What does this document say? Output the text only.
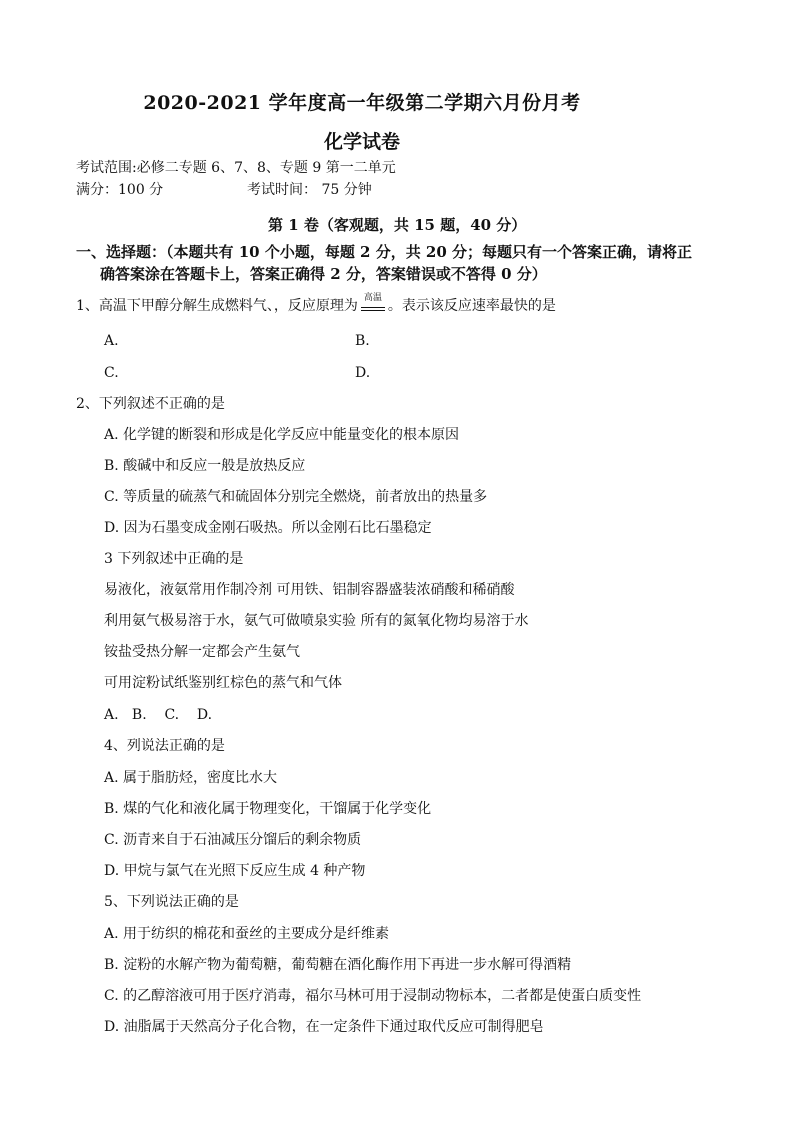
2020-2021 学年度高一年级第二学期六月份月考
化学试卷
考试范围:必修二专题 6、7、8、专题 9 第一二单元
满分：100 分	考试时间： 75 分钟
第 1 卷（客观题，共 15 题，40 分）
一、选择题：（本题共有 10 个小题，每题 2 分，共 20 分；每题只有一个答案正确，请将正
确答案涂在答题卡上，答案正确得 2 分，答案错误或不答得 0 分）
1、高温下甲醇分解生成燃料气、，反应原理为 高温 。表示该反应速率最快的是
A.	B.
C.	D.
2、下列叙述不正确的是
A. 化学键的断裂和形成是化学反应中能量变化的根本原因
B. 酸碱中和反应一般是放热反应
C. 等质量的硫蒸气和硫固体分别完全燃烧，前者放出的热量多
D. 因为石墨变成金刚石吸热。所以金刚石比石墨稳定
3 下列叙述中正确的是
易液化，液氨常用作制冷剂 可用铁、铝制容器盛装浓硝酸和稀硝酸
利用氨气极易溶于水，氨气可做喷泉实验 所有的氮氧化物均易溶于水
铵盐受热分解一定都会产生氨气
可用淀粉试纸鉴别红棕色的蒸气和气体
A.   B.    C.    D.
4、列说法正确的是
A. 属于脂肪烃，密度比水大
B. 煤的气化和液化属于物理变化，干馏属于化学变化
C. 沥青来自于石油减压分馏后的剩余物质
D. 甲烷与氯气在光照下反应生成 4 种产物
5、下列说法正确的是
A. 用于纺织的棉花和蚕丝的主要成分是纤维素
B. 淀粉的水解产物为葡萄糖，葡萄糖在酒化酶作用下再进一步水解可得酒精
C. 的乙醇溶液可用于医疗消毒，福尔马林可用于浸制动物标本，二者都是使蛋白质变性
D. 油脂属于天然高分子化合物，在一定条件下通过取代反应可制得肥皂
